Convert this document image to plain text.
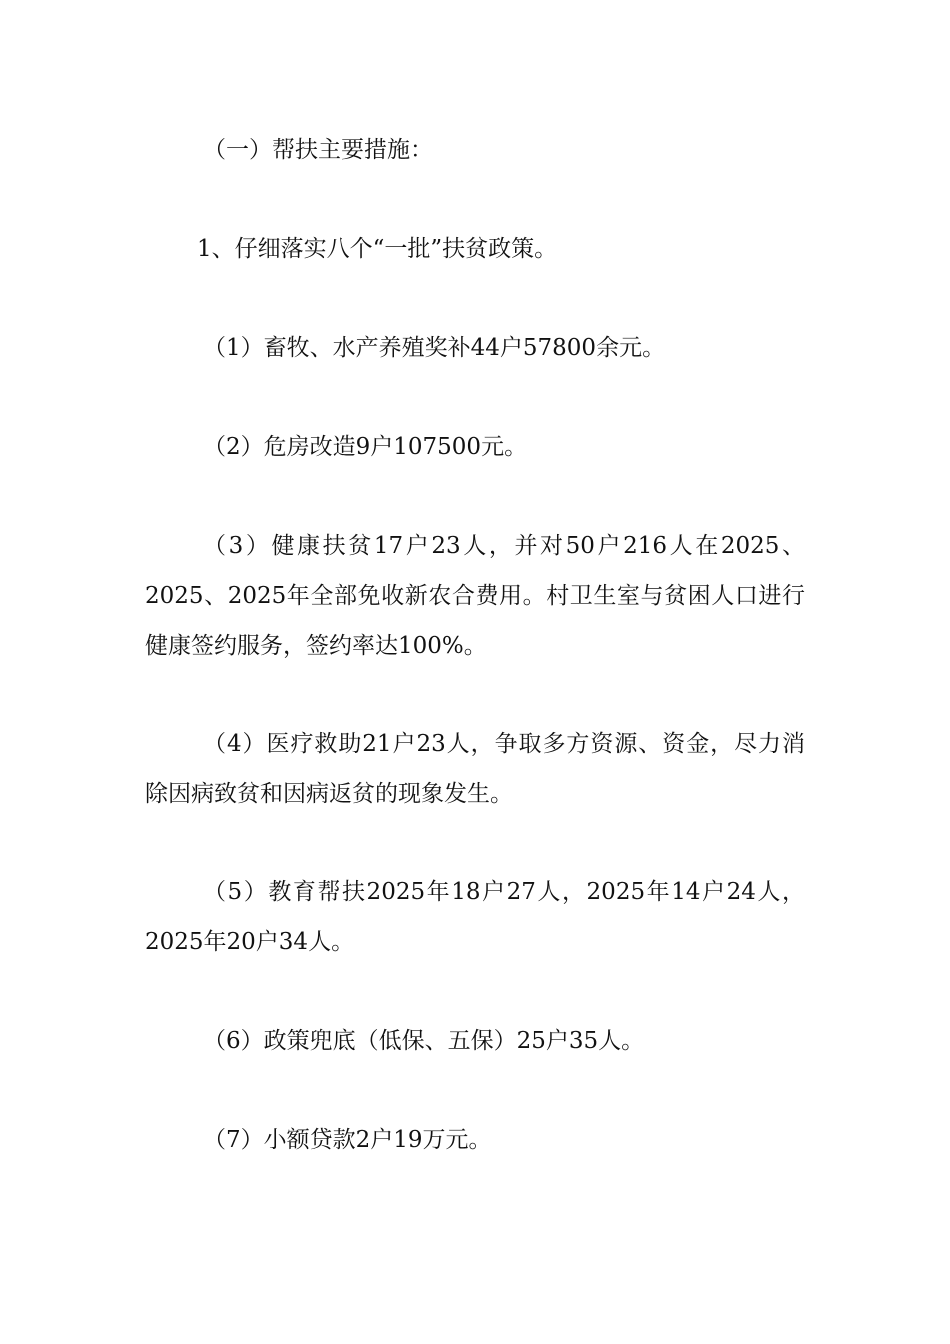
（一）帮扶主要措施：

1、仔细落实八个“一批”扶贫政策。

（1）畜牧、水产养殖奖补44户57800余元。

（2）危房改造9户107500元。

（3）健康扶贫17户23人，并对50户216人在2025、2025、2025年全部免收新农合费用。村卫生室与贫困人口进行健康签约服务，签约率达100%。

（4）医疗救助21户23人，争取多方资源、资金，尽力消除因病致贫和因病返贫的现象发生。

（5）教育帮扶2025年18户27人，2025年14户24人，2025年20户34人。

（6）政策兜底（低保、五保）25户35人。

（7）小额贷款2户19万元。
